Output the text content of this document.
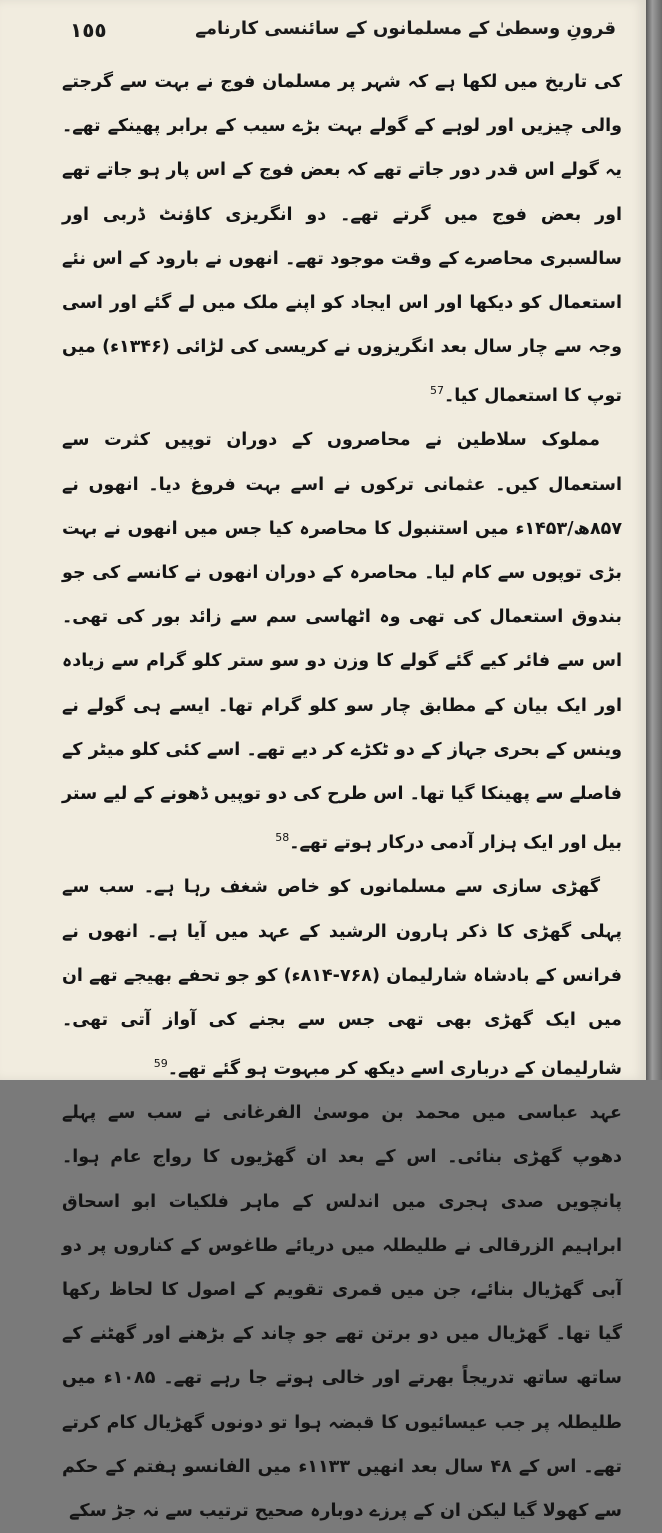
١٥٥	قرونِ وسطیٰ کے مسلمانوں کے سائنسی کارنامے

کی تاریخ میں لکھا ہے کہ شہر پر مسلمان فوج نے بہت سے گرجتے والی چیزیں اور لوہے کے گولے بہت بڑے سیب کے برابر پھینکے تھے۔ یہ گولے اس قدر دور جاتے تھے کہ بعض فوج کے اس پار ہو جاتے تھے اور بعض فوج میں گرتے تھے۔ دو انگریزی کاؤنٹ ڈربی اور سالسبری محاصرے کے وقت موجود تھے۔ انھوں نے بارود کے اس نئے استعمال کو دیکھا اور اس ایجاد کو اپنے ملک میں لے گئے اور اسی وجہ سے چار سال بعد انگریزوں نے کریسی کی لڑائی (۱۳۴۶ء) میں توپ کا استعمال کیا۔$^{57}$

مملوک سلاطین نے محاصروں کے دوران توپیں کثرت سے استعمال کیں۔ عثمانی ترکوں نے اسے بہت فروغ دیا۔ انھوں نے ۸۵۷ھ/۱۴۵۳ء میں استنبول کا محاصرہ کیا جس میں انھوں نے بہت بڑی توپوں سے کام لیا۔ محاصرہ کے دوران انھوں نے کانسے کی جو بندوق استعمال کی تھی وہ اٹھاسی سم سے زائد بور کی تھی۔ اس سے فائر کیے گئے گولے کا وزن دو سو ستر کلو گرام سے زیادہ اور ایک بیان کے مطابق چار سو کلو گرام تھا۔ ایسے ہی گولے نے وینس کے بحری جہاز کے دو ٹکڑے کر دیے تھے۔ اسے کئی کلو میٹر کے فاصلے سے پھینکا گیا تھا۔ اس طرح کی دو توپیں ڈھونے کے لیے ستر بیل اور ایک ہزار آدمی درکار ہوتے تھے۔$^{58}$

گھڑی سازی سے مسلمانوں کو خاص شغف رہا ہے۔ سب سے پہلی گھڑی کا ذکر ہارون الرشید کے عہد میں آیا ہے۔ انھوں نے فرانس کے بادشاہ شارلیمان (۷۶۸-۸۱۴ء) کو جو تحفے بھیجے تھے ان میں ایک گھڑی بھی تھی جس سے بجنے کی آواز آتی تھی۔ شارلیمان کے درباری اسے دیکھ کر مبہوت ہو گئے تھے۔$^{59}$

عہد عباسی میں محمد بن موسیٰ الفرغانی نے سب سے پہلے دھوپ گھڑی بنائی۔ اس کے بعد ان گھڑیوں کا رواج عام ہوا۔ پانچویں صدی ہجری میں اندلس کے ماہر فلکیات ابو اسحاق ابراہیم الزرقالی نے طلیطلہ میں دریائے طاغوس کے کناروں پر دو آبی گھڑیال بنائے، جن میں قمری تقویم کے اصول کا لحاظ رکھا گیا تھا۔ گھڑیال میں دو برتن تھے جو چاند کے بڑھنے اور گھٹنے کے ساتھ ساتھ تدریجاً بھرتے اور خالی ہوتے جا رہے تھے۔ ۱۰۸۵ء میں طلیطلہ پر جب عیسائیوں کا قبضہ ہوا تو دونوں گھڑیال کام کرتے تھے۔ اس کے ۴۸ سال بعد انھیں ۱۱۳۳ء میں الفانسو ہفتم کے حکم سے کھولا گیا لیکن ان کے پرزے دوبارہ صحیح ترتیب سے نہ جڑ سکے
